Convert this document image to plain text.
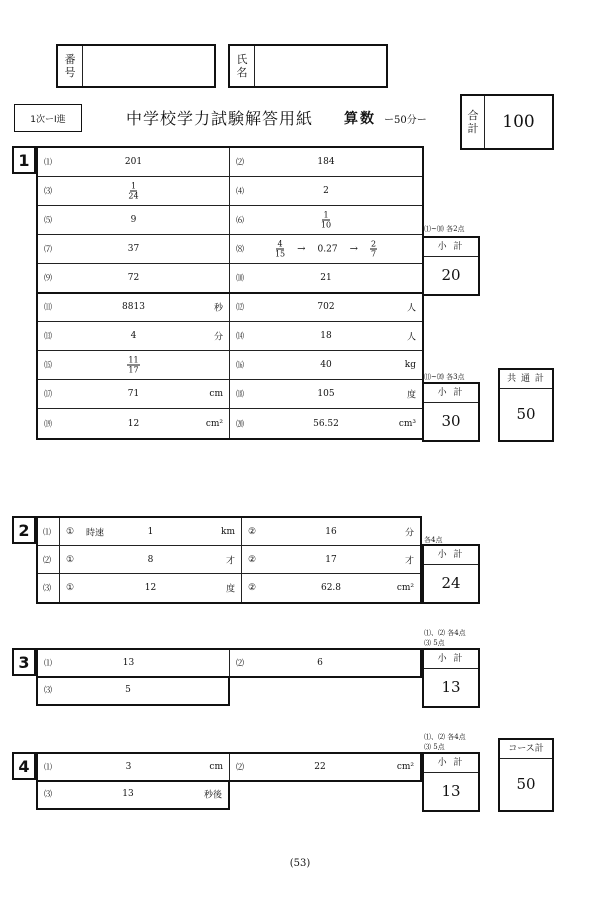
番
号
氏
名
1次ーⅠ進	中学校学力試験解答用紙 算数 ー50分ー	合
計	100
1	⑴	201	⑵	184
⑶	$\frac{1}{24}$	⑷	2
⑸	9	⑹	$\frac{1}{10}$
⑺	37	⑻	$\frac{4}{15} \to 0.27 \to \frac{2}{7}$
⑼	72	⑽	21
⑾	8813	秒 ⑿	702	人
⒀	4	分 ⒁	18	人
⒂	$\frac{11}{17}$	⒃	40	kg
⒄	71	cm ⒅	105	度
⒆	12	cm² ⒇	56.52	cm³
⑴~⑽ 各2点
小 計
20
⑾~⒇ 各3点
小 計
30
共 通 計
50
2	⑴ ① 時速	1	km ②	16	分
⑵ ①	8	才 ②	17	才
⑶ ①	12	度 ②	62.8	cm²
各4点
小 計
24
3	⑴	13	⑵	6
⑶	5
⑴、⑵ 各4点
⑶ 5点
小 計
13
4	⑴	3	cm ⑵	22	cm²
⑶	13	秒後
⑴、⑵ 各4点
⑶ 5点
小 計
13
コース計
50
(53)
